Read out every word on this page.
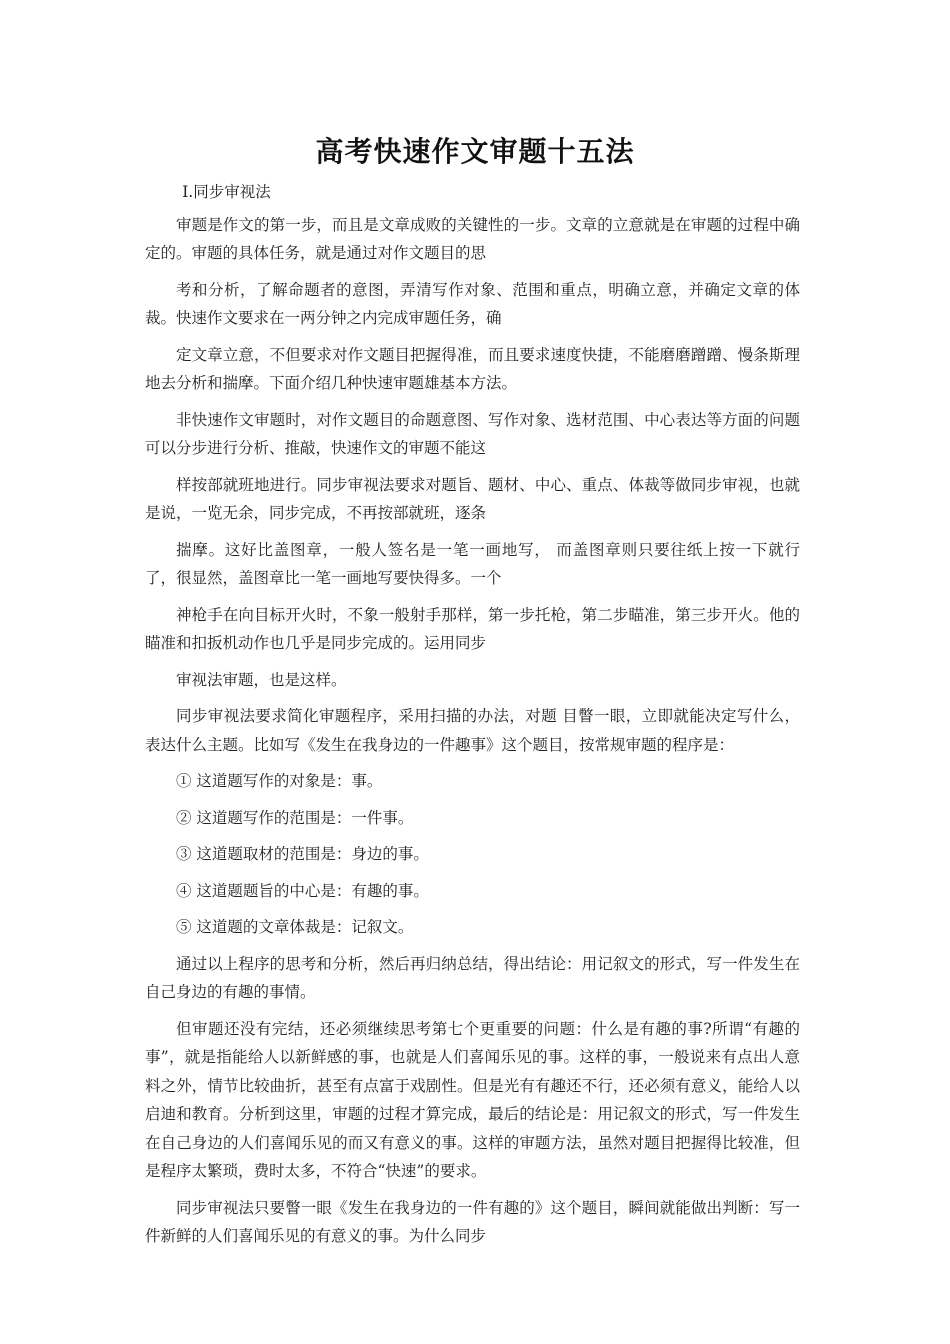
高考快速作文审题十五法

Ⅰ.同步审视法

审题是作文的第一步，而且是文章成败的关键性的一步。文章的立意就是在审题的过程中确定的。审题的具体任务，就是通过对作文题目的思

考和分析，了解命题者的意图，弄清写作对象、范围和重点，明确立意，并确定文章的体裁。快速作文要求在一两分钟之内完成审题任务，确

定文章立意，不但要求对作文题目把握得准，而且要求速度快捷，不能磨磨蹭蹭、慢条斯理地去分析和揣摩。下面介绍几种快速审题雄基本方法。

非快速作文审题时，对作文题目的命题意图、写作对象、选材范围、中心表达等方面的问题可以分步进行分析、推敲，快速作文的审题不能这

样按部就班地进行。同步审视法要求对题旨、题材、中心、重点、体裁等做同步审视，也就是说，一览无余，同步完成，不再按部就班，逐条

揣摩。这好比盖图章，一般人签名是一笔一画地写， 而盖图章则只要往纸上按一下就行了，很显然，盖图章比一笔一画地写要快得多。一个

神枪手在向目标开火时，不象一般射手那样，第一步托枪，第二步瞄准，第三步开火。他的瞄准和扣扳机动作也几乎是同步完成的。运用同步

审视法审题，也是这样。

同步审视法要求简化审题程序，采用扫描的办法，对题 目瞥一眼，立即就能决定写什么，表达什么主题。比如写《发生在我身边的一件趣事》这个题目，按常规审题的程序是：

① 这道题写作的对象是：事。

② 这道题写作的范围是：一件事。

③ 这道题取材的范围是：身边的事。

④ 这道题题旨的中心是：有趣的事。

⑤ 这道题的文章体裁是：记叙文。

通过以上程序的思考和分析，然后再归纳总结，得出结论：用记叙文的形式，写一件发生在自己身边的有趣的事情。

但审题还没有完结，还必须继续思考第七个更重要的问题：什么是有趣的事?所谓“有趣的事”，就是指能给人以新鲜感的事，也就是人们喜闻乐见的事。这样的事，一般说来有点出人意料之外，情节比较曲折，甚至有点富于戏剧性。但是光有有趣还不行，还必须有意义，能给人以启迪和教育。分析到这里，审题的过程才算完成，最后的结论是：用记叙文的形式，写一件发生在自己身边的人们喜闻乐见的而又有意义的事。这样的审题方法，虽然对题目把握得比较准，但是程序太繁琐，费时太多，不符合“快速”的要求。

同步审视法只要瞥一眼《发生在我身边的一件有趣的》这个题目，瞬间就能做出判断：写一件新鲜的人们喜闻乐见的有意义的事。为什么同步
